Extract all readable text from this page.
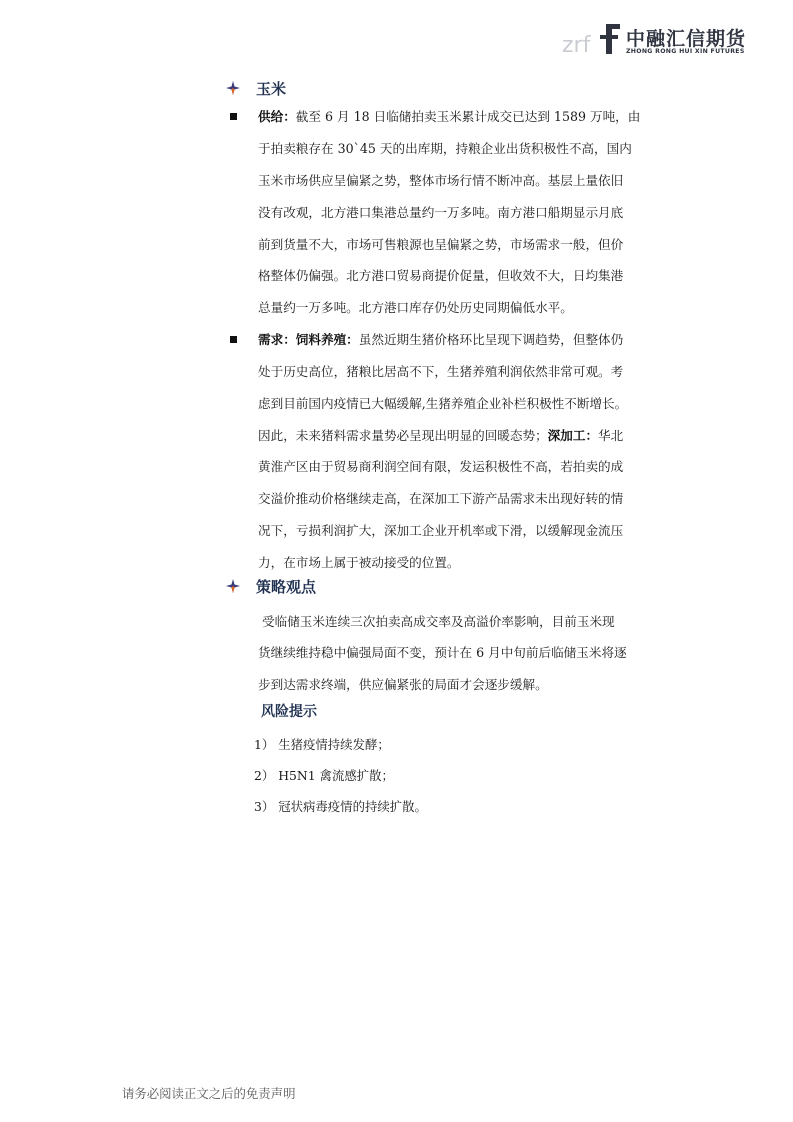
zrf 中融汇信期货
ZHONG RONG HUI XIN FUTURES
玉米
供给：截至 6 月 18 日临储拍卖玉米累计成交已达到 1589 万吨，由
于拍卖粮存在 30`45 天的出库期，持粮企业出货积极性不高，国内
玉米市场供应呈偏紧之势，整体市场行情不断冲高。基层上量依旧
没有改观，北方港口集港总量约一万多吨。南方港口船期显示月底
前到货量不大，市场可售粮源也呈偏紧之势，市场需求一般，但价
格整体仍偏强。北方港口贸易商提价促量，但收效不大，日均集港
总量约一万多吨。北方港口库存仍处历史同期偏低水平。
需求：饲料养殖：虽然近期生猪价格环比呈现下调趋势，但整体仍
处于历史高位，猪粮比居高不下，生猪养殖利润依然非常可观。考
虑到目前国内疫情已大幅缓解,生猪养殖企业补栏积极性不断增长。
因此，未来猪料需求量势必呈现出明显的回暖态势；深加工：华北
黄淮产区由于贸易商利润空间有限，发运积极性不高，若拍卖的成
交溢价推动价格继续走高，在深加工下游产品需求未出现好转的情
况下，亏损利润扩大，深加工企业开机率或下滑，以缓解现金流压
力，在市场上属于被动接受的位置。
策略观点
受临储玉米连续三次拍卖高成交率及高溢价率影响，目前玉米现
货继续维持稳中偏强局面不变，预计在 6 月中旬前后临储玉米将逐
步到达需求终端，供应偏紧张的局面才会逐步缓解。
风险提示
1） 生猪疫情持续发酵；
2） H5N1 禽流感扩散；
3） 冠状病毒疫情的持续扩散。
请务必阅读正文之后的免责声明
